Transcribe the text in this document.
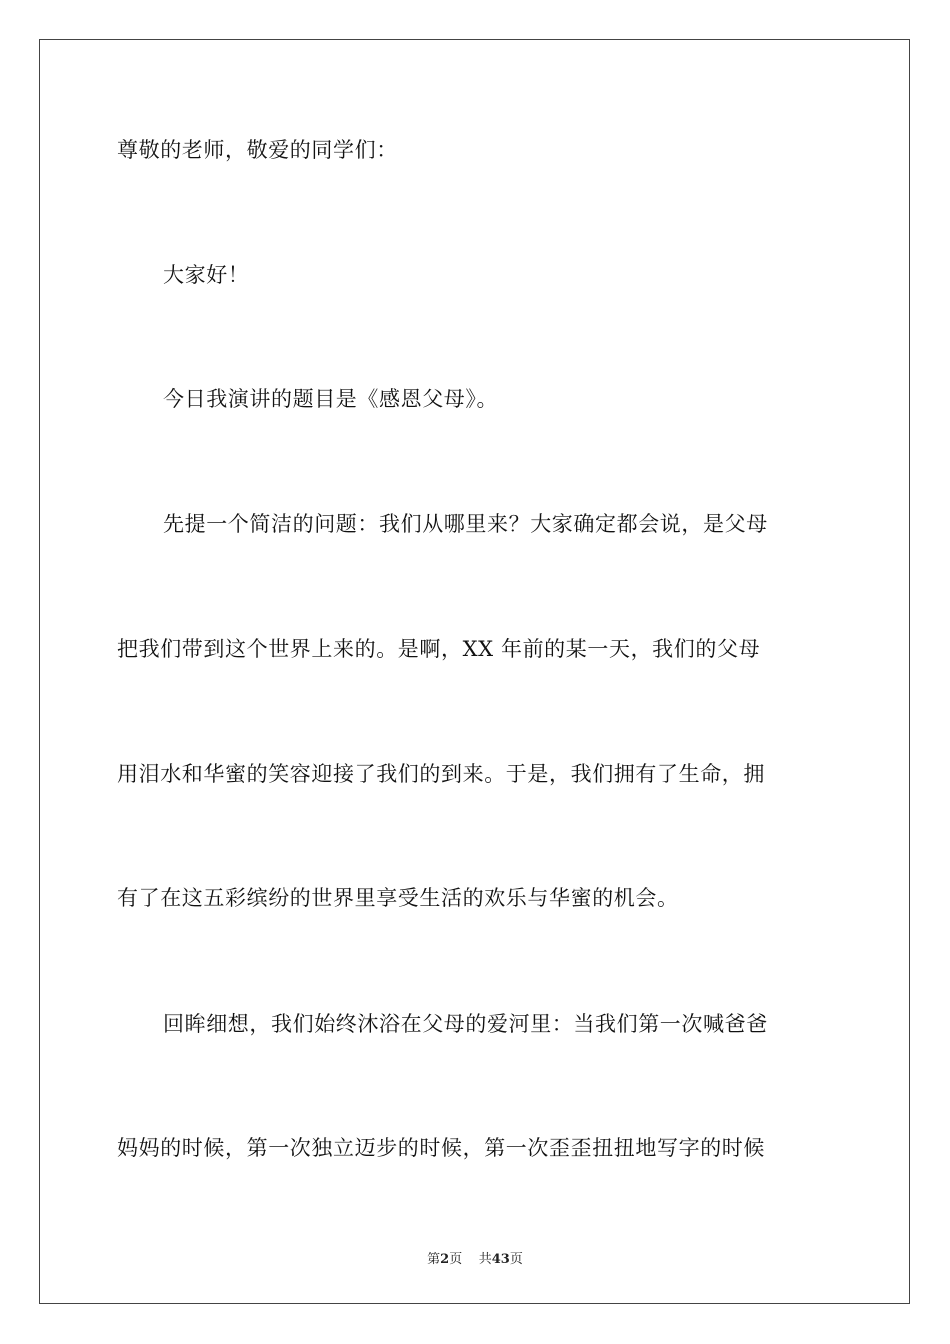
尊敬的老师，敬爱的同学们：
大家好！
今日我演讲的题目是《感恩父母》。
先提一个简洁的问题：我们从哪里来？大家确定都会说，是父母
把我们带到这个世界上来的。是啊，XX 年前的某一天，我们的父母
用泪水和华蜜的笑容迎接了我们的到来。于是，我们拥有了生命，拥
有了在这五彩缤纷的世界里享受生活的欢乐与华蜜的机会。
回眸细想，我们始终沐浴在父母的爱河里：当我们第一次喊爸爸
妈妈的时候，第一次独立迈步的时候，第一次歪歪扭扭地写字的时候
第2页 共43页
